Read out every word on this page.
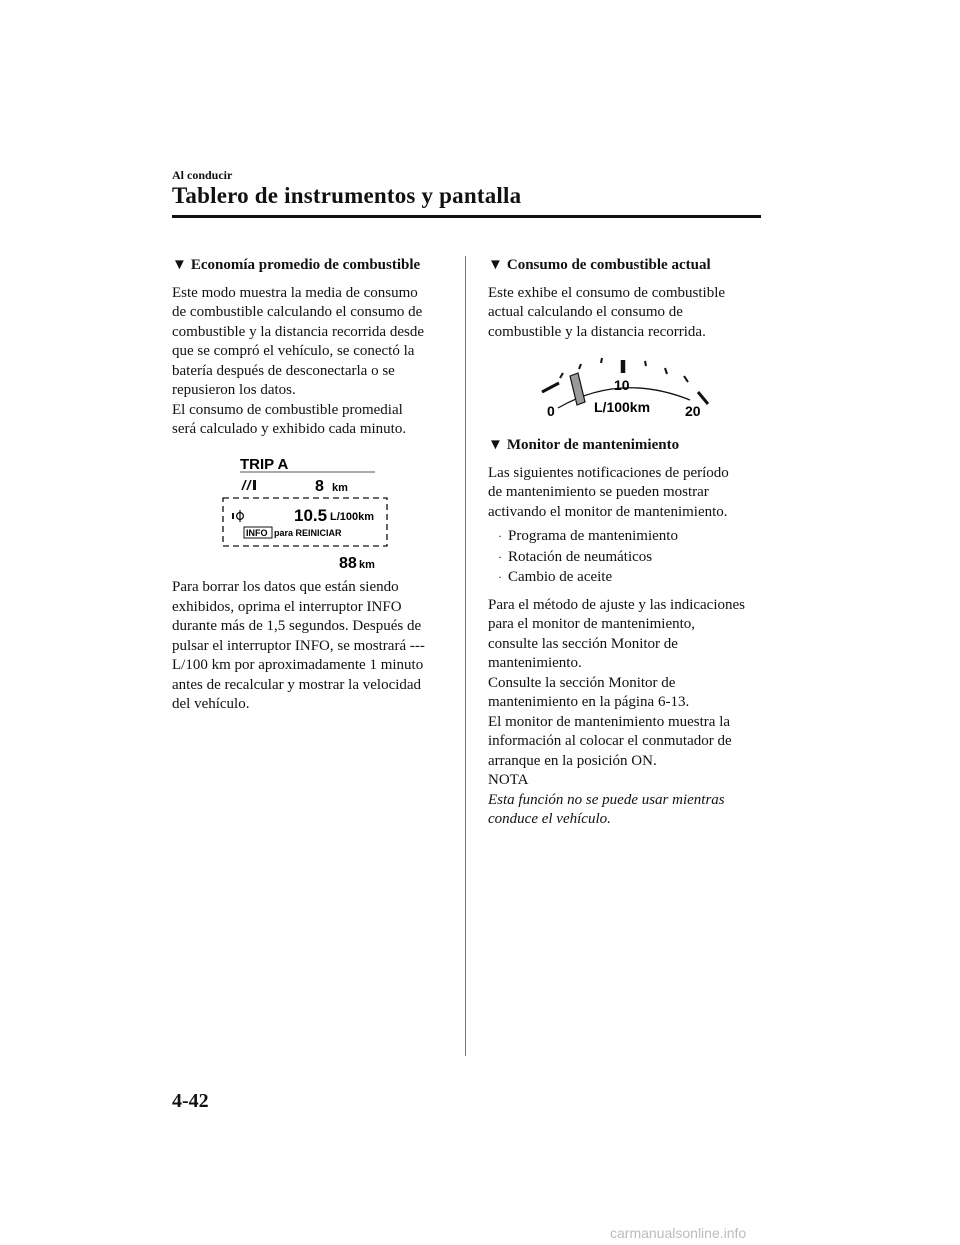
Al conducir
Tablero de instrumentos y pantalla
▼ Economía promedio de combustible

Este modo muestra la media de consumo

de combustible calculando el consumo de

combustible y la distancia recorrida desde

que se compró el vehículo, se conectó la

batería después de desconectarla o se

repusieron los datos.

El consumo de combustible promedial

será calculado y exhibido cada minuto.

TRIP A
8 km
10.5 L/100km
INFO para REINICIAR
88 km

Para borrar los datos que están siendo

exhibidos, oprima el interruptor INFO

durante más de 1,5 segundos. Después de

pulsar el interruptor INFO, se mostrará ---

L/100 km por aproximadamente 1 minuto

antes de recalcular y mostrar la velocidad

del vehículo.

▼ Consumo de combustible actual

Este exhibe el consumo de combustible

actual calculando el consumo de

combustible y la distancia recorrida.

0
10
20
L/100km
▼ Monitor de mantenimiento

Las siguientes notificaciones de período

de mantenimiento se pueden mostrar

activando el monitor de mantenimiento.

· Programa de mantenimiento
· Rotación de neumáticos
· Cambio de aceite

Para el método de ajuste y las indicaciones

para el monitor de mantenimiento,

consulte las sección Monitor de

mantenimiento.

Consulte la sección Monitor de

mantenimiento en la página 6-13.

El monitor de mantenimiento muestra la

información al colocar el conmutador de

arranque en la posición ON.

NOTA

Esta función no se puede usar mientras

conduce el vehículo.

4-42
carmanualsonline.info
